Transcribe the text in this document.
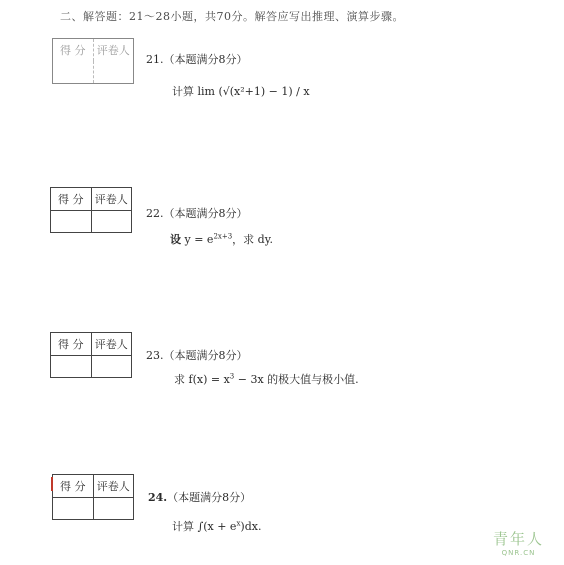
二、解答题：21～28小题，共70分。解答应写出推理、演算步骤。
得 分	评卷人
21.（本题满分8分）
计算 lim (√(x²+1) − 1) / x
得 分	评卷人
22.（本题满分8分）
设 $y = e^{2x+3}$，求 dy.
得 分	评卷人
23.（本题满分8分）
求 $f(x) = x^3 - 3x$ 的极大值与极小值.
得 分	评卷人
24.（本题满分8分）
计算 $\int(x + e^x)dx$.
青年人
QNR.CN
